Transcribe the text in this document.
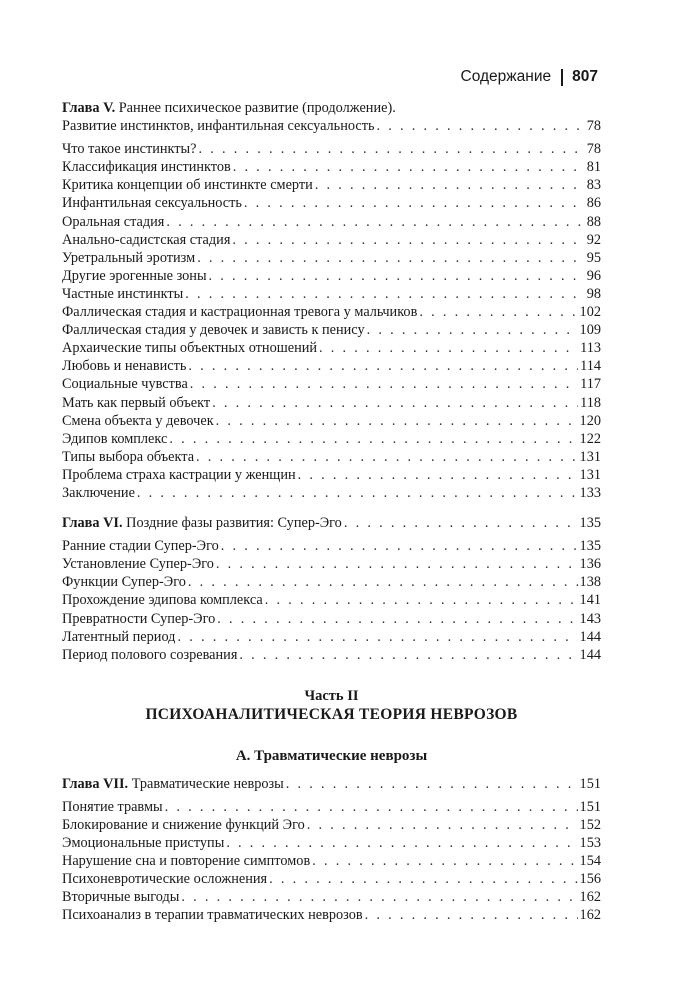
Содержание 807
Глава V. Раннее психическое развитие (продолжение).
Развитие инстинктов, инфантильная сексуальность . . .	78
Что такое инстинкты? . . .	78
Классификация инстинктов . . .	81
Критика концепции об инстинкте смерти . . .	83
Инфантильная сексуальность . . .	86
Оральная стадия . . .	88
Анально-садистская стадия . . .	92
Уретральный эротизм . . .	95
Другие эрогенные зоны . . .	96
Частные инстинкты . . .	98
Фаллическая стадия и кастрационная тревога у мальчиков . . .	102
Фаллическая стадия у девочек и зависть к пенису . . .	109
Архаические типы объектных отношений . . .	113
Любовь и ненависть . . .	114
Социальные чувства . . .	117
Мать как первый объект . . .	118
Смена объекта у девочек . . .	120
Эдипов комплекс . . .	122
Типы выбора объекта . . .	131
Проблема страха кастрации у женщин . . .	131
Заключение . . .	133
Глава VI. Поздние фазы развития: Супер-Эго . . .	135
Ранние стадии Супер-Эго . . .	135
Установление Супер-Эго . . .	136
Функции Супер-Эго . . .	138
Прохождение эдипова комплекса . . .	141
Превратности Супер-Эго . . .	143
Латентный период . . .	144
Период полового созревания . . .	144
Часть II
ПСИХОАНАЛИТИЧЕСКАЯ ТЕОРИЯ НЕВРОЗОВ
А. Травматические неврозы
Глава VII. Травматические неврозы . . .	151
Понятие травмы . . .	151
Блокирование и снижение функций Эго . . .	152
Эмоциональные приступы . . .	153
Нарушение сна и повторение симптомов . . .	154
Психоневротические осложнения . . .	156
Вторичные выгоды . . .	162
Психоанализ в терапии травматических неврозов . . .	162
